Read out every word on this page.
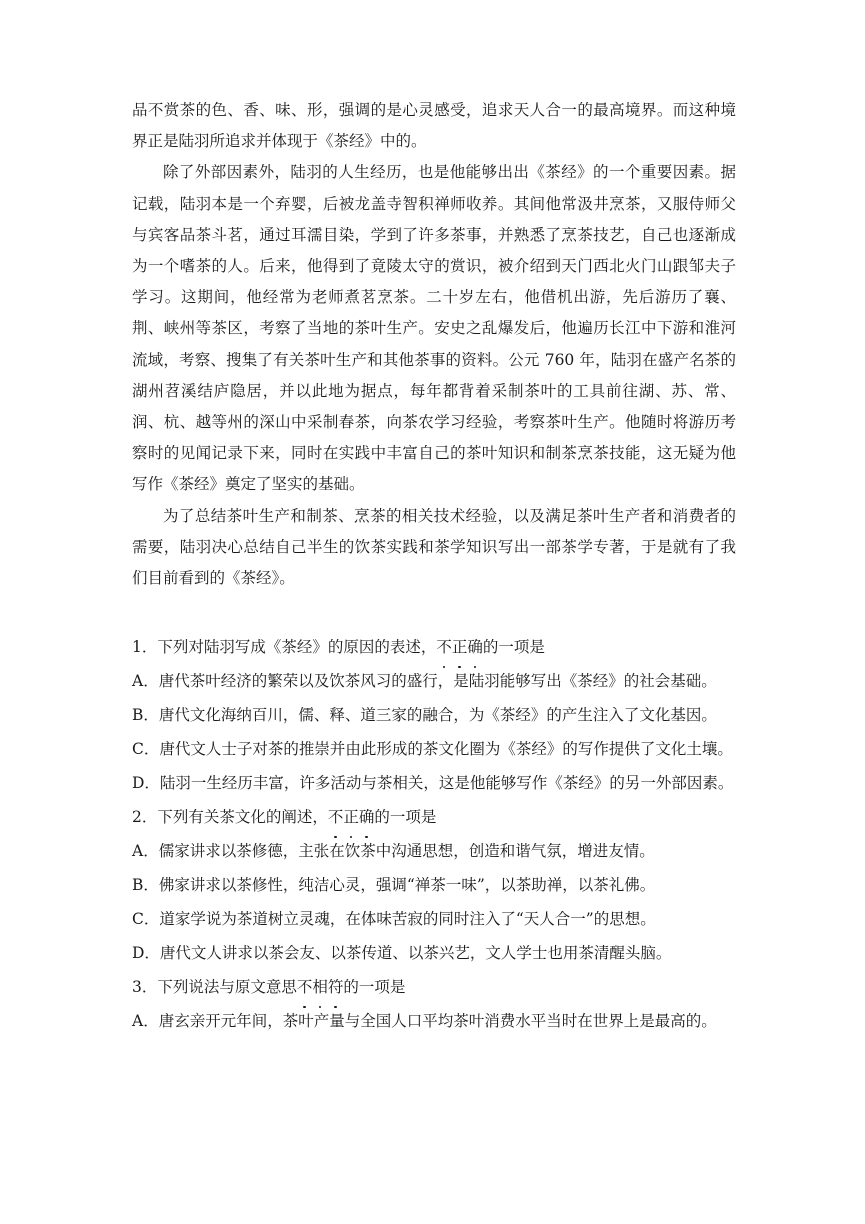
品不赏茶的色、香、味、形，强调的是心灵感受，追求天人合一的最高境界。而这种境界正是陆羽所追求并体现于《茶经》中的。

除了外部因素外，陆羽的人生经历，也是他能够出出《茶经》的一个重要因素。据记载，陆羽本是一个弃婴，后被龙盖寺智积禅师收养。其间他常汲井烹茶，又服侍师父与宾客品茶斗茗，通过耳濡目染，学到了许多茶事，并熟悉了烹茶技艺，自己也逐渐成为一个嗜茶的人。后来，他得到了竟陵太守的赏识，被介绍到天门西北火门山跟邹夫子学习。这期间，他经常为老师煮茗烹茶。二十岁左右，他借机出游，先后游历了襄、荆、峡州等茶区，考察了当地的茶叶生产。安史之乱爆发后，他遍历长江中下游和淮河流域，考察、搜集了有关茶叶生产和其他茶事的资料。公元 760 年，陆羽在盛产名茶的湖州苕溪结庐隐居，并以此地为据点，每年都背着采制茶叶的工具前往湖、苏、常、润、杭、越等州的深山中采制春茶，向茶农学习经验，考察茶叶生产。他随时将游历考察时的见闻记录下来，同时在实践中丰富自己的茶叶知识和制茶烹茶技能，这无疑为他写作《茶经》奠定了坚实的基础。

为了总结茶叶生产和制茶、烹茶的相关技术经验，以及满足茶叶生产者和消费者的需要，陆羽决心总结自己半生的饮茶实践和茶学知识写出一部茶学专著，于是就有了我们目前看到的《茶经》。

1．下列对陆羽写成《茶经》的原因的表述，不正确的一项是

A．唐代茶叶经济的繁荣以及饮茶风习的盛行，是陆羽能够写出《茶经》的社会基础。

B．唐代文化海纳百川，儒、释、道三家的融合，为《茶经》的产生注入了文化基因。

C．唐代文人士子对茶的推崇并由此形成的茶文化圈为《茶经》的写作提供了文化土壤。

D．陆羽一生经历丰富，许多活动与茶相关，这是他能够写作《茶经》的另一外部因素。

2．下列有关茶文化的阐述，不正确的一项是

A．儒家讲求以茶修德，主张在饮茶中沟通思想，创造和谐气氛，增进友情。

B．佛家讲求以茶修性，纯洁心灵，强调“禅茶一味”，以茶助禅，以茶礼佛。

C．道家学说为茶道树立灵魂，在体味苦寂的同时注入了“天人合一”的思想。

D．唐代文人讲求以茶会友、以茶传道、以茶兴艺，文人学士也用茶清醒头脑。

3．下列说法与原文意思不相符的一项是

A．唐玄亲开元年间，茶叶产量与全国人口平均茶叶消费水平当时在世界上是最高的。
